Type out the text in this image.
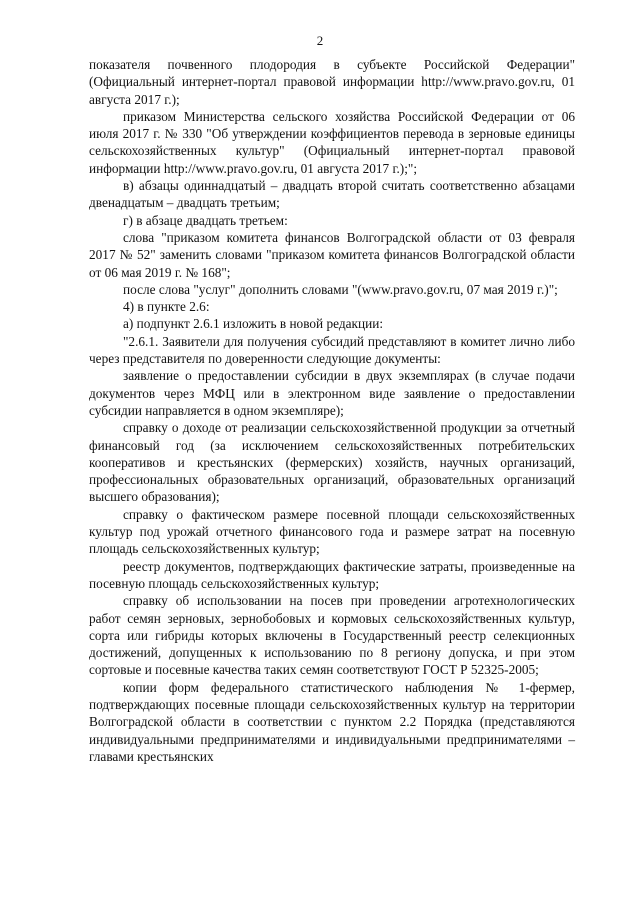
2

показателя почвенного плодородия в субъекте Российской Федерации" (Официальный интернет-портал правовой информации http://www.pravo.gov.ru, 01 августа 2017 г.);

приказом Министерства сельского хозяйства Российской Федерации от 06 июля 2017 г. № 330 "Об утверждении коэффициентов перевода в зерновые единицы сельскохозяйственных культур" (Официальный интернет-портал правовой информации http://www.pravo.gov.ru, 01 августа 2017 г.);";

в) абзацы одиннадцатый – двадцать второй считать соответственно абзацами двенадцатым – двадцать третьим;

г) в абзаце двадцать третьем:

слова "приказом комитета финансов Волгоградской области от 03 февраля 2017 № 52" заменить словами "приказом комитета финансов Волгоградской области от 06 мая 2019 г. № 168";

после слова "услуг" дополнить словами "(www.pravo.gov.ru, 07 мая 2019 г.)";

4) в пункте 2.6:

а) подпункт 2.6.1 изложить в новой редакции:

"2.6.1. Заявители для получения субсидий представляют в комитет лично либо через представителя по доверенности следующие документы:

заявление о предоставлении субсидии в двух экземплярах (в случае подачи документов через МФЦ или в электронном виде заявление о предоставлении субсидии направляется в одном экземпляре);

справку о доходе от реализации сельскохозяйственной продукции за отчетный финансовый год (за исключением сельскохозяйственных потребительских кооперативов и крестьянских (фермерских) хозяйств, научных организаций, профессиональных образовательных организаций, образовательных организаций высшего образования);

справку о фактическом размере посевной площади сельскохозяйственных культур под урожай отчетного финансового года и размере затрат на посевную площадь сельскохозяйственных культур;

реестр документов, подтверждающих фактические затраты, произведенные на посевную площадь сельскохозяйственных культур;

справку об использовании на посев при проведении агротехнологических работ семян зерновых, зернобобовых и кормовых сельскохозяйственных культур, сорта или гибриды которых включены в Государственный реестр селекционных достижений, допущенных к использованию по 8 региону допуска, и при этом сортовые и посевные качества таких семян соответствуют ГОСТ Р 52325-2005;

копии форм федерального статистического наблюдения № 1-фермер, подтверждающих посевные площади сельскохозяйственных культур на территории Волгоградской области в соответствии с пунктом 2.2 Порядка (представляются индивидуальными предпринимателями и индивидуальными предпринимателями – главами крестьянских
